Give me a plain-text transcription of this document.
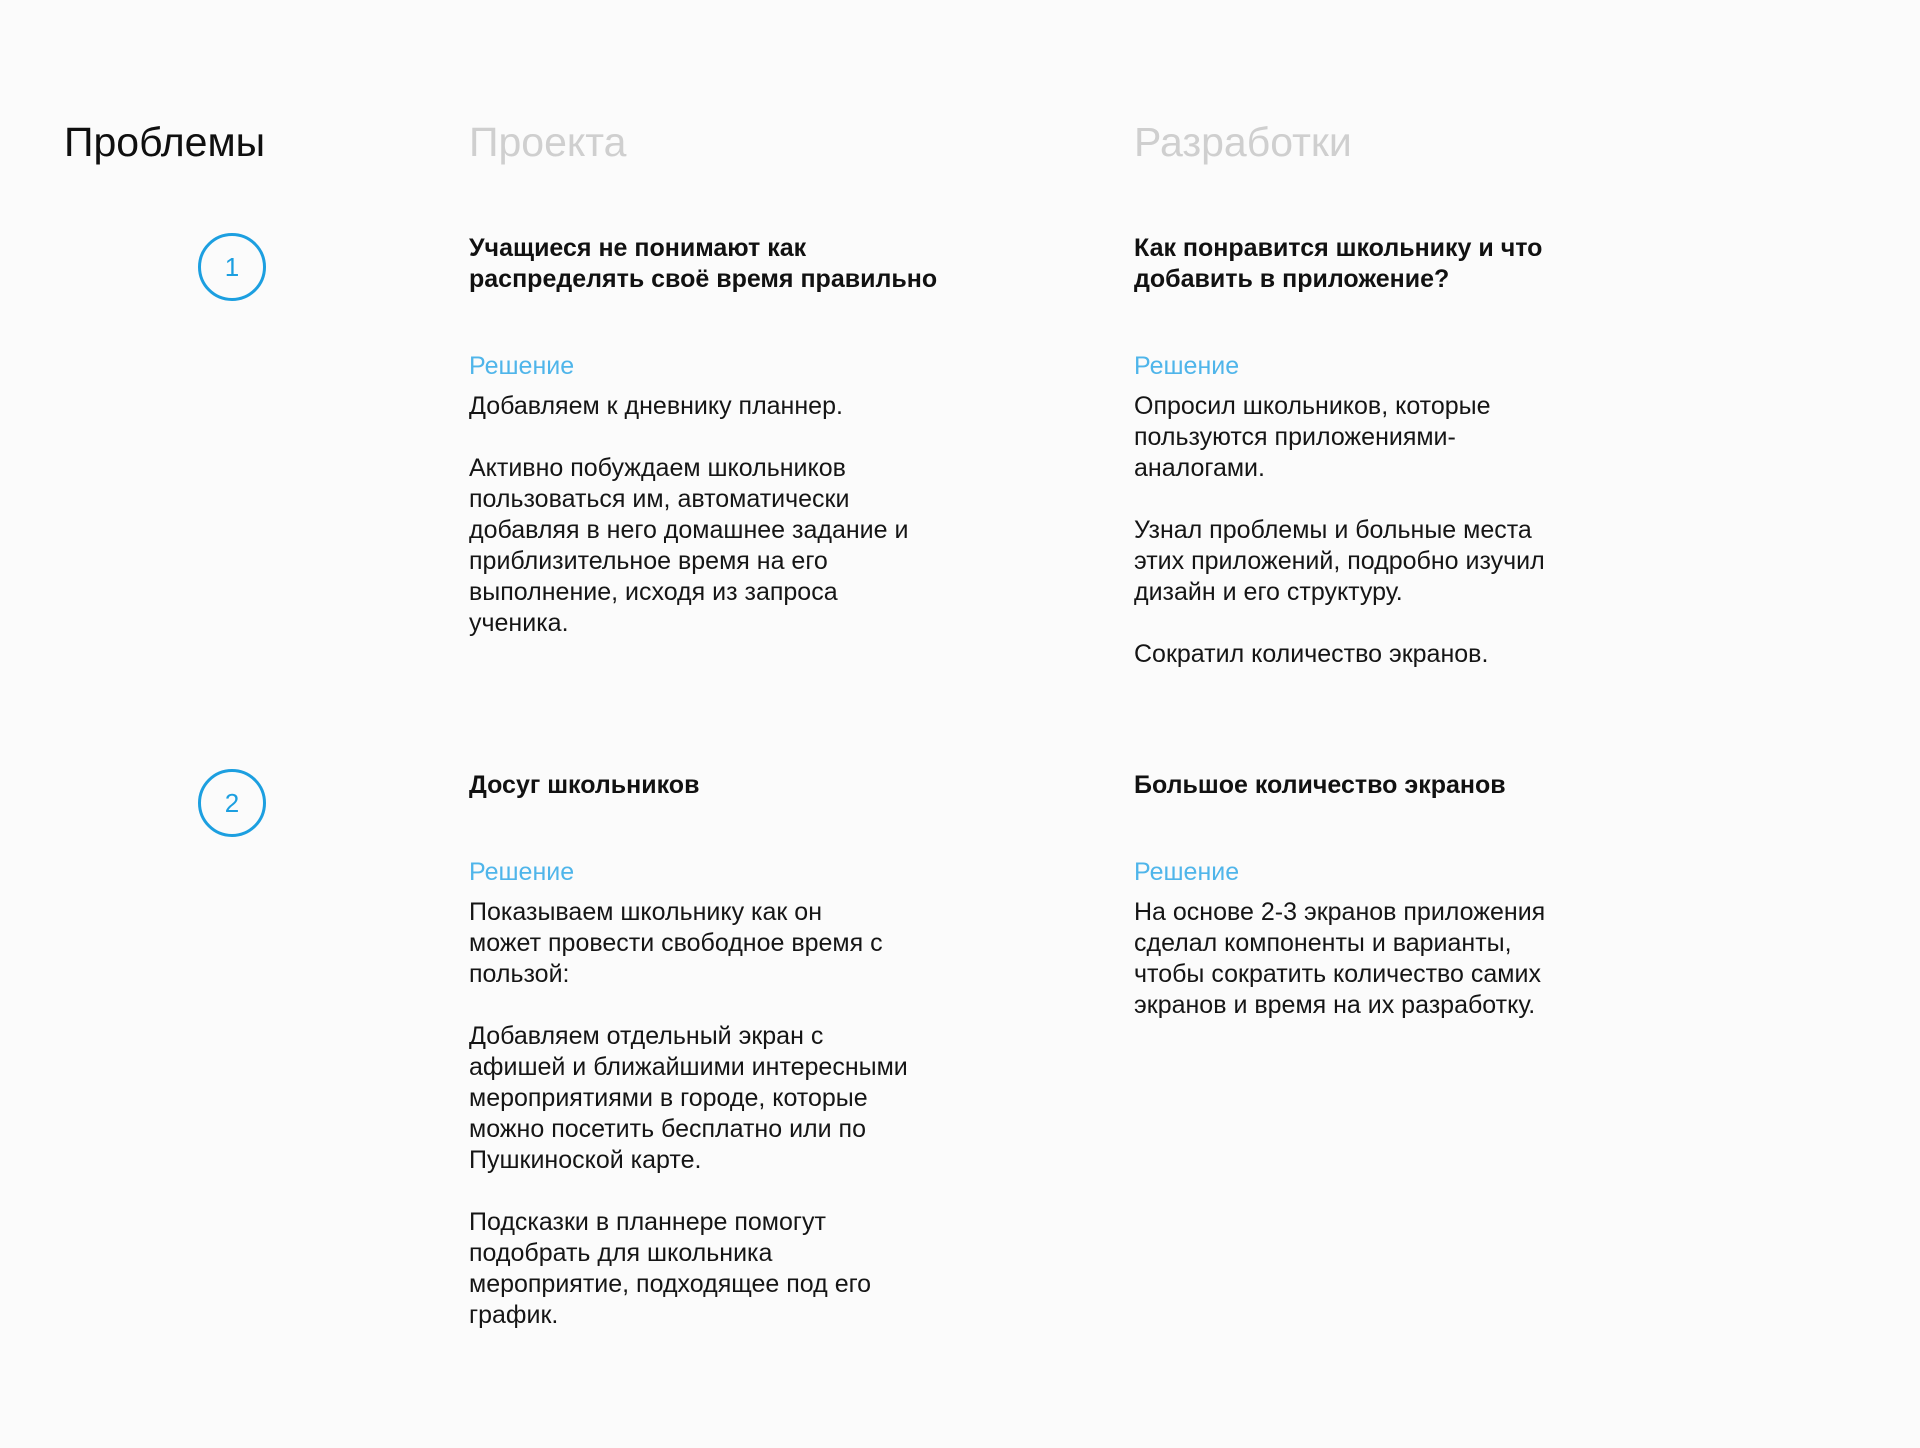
Проблемы	Проекта	Разработки
1

Учащиеся не понимают как
распределять своё время правильно

Решение

Добавляем к дневнику планнер.

Активно побуждаем школьников
пользоваться им, автоматически
добавляя в него домашнее задание и
приблизительное время на его
выполнение, исходя из запроса
ученика.

Как понравится школьнику и что
добавить в приложение?

Решение

Опросил школьников, которые
пользуются приложениями-
аналогами.

Узнал проблемы и больные места
этих приложений, подробно изучил
дизайн и его структуру.

Сократил количество экранов.

2

Досуг школьников

Решение

Показываем школьнику как он
может провести свободное время с
пользой:

Добавляем отдельный экран с
афишей и ближайшими интересными
мероприятиями в городе, которые
можно посетить бесплатно или по
Пушкиноской карте.

Подсказки в планнере помогут
подобрать для школьника
мероприятие, подходящее под его
график.

Большое количество экранов

Решение

На основе 2-3 экранов приложения
сделал компоненты и варианты,
чтобы сократить количество самих
экранов и время на их разработку.
